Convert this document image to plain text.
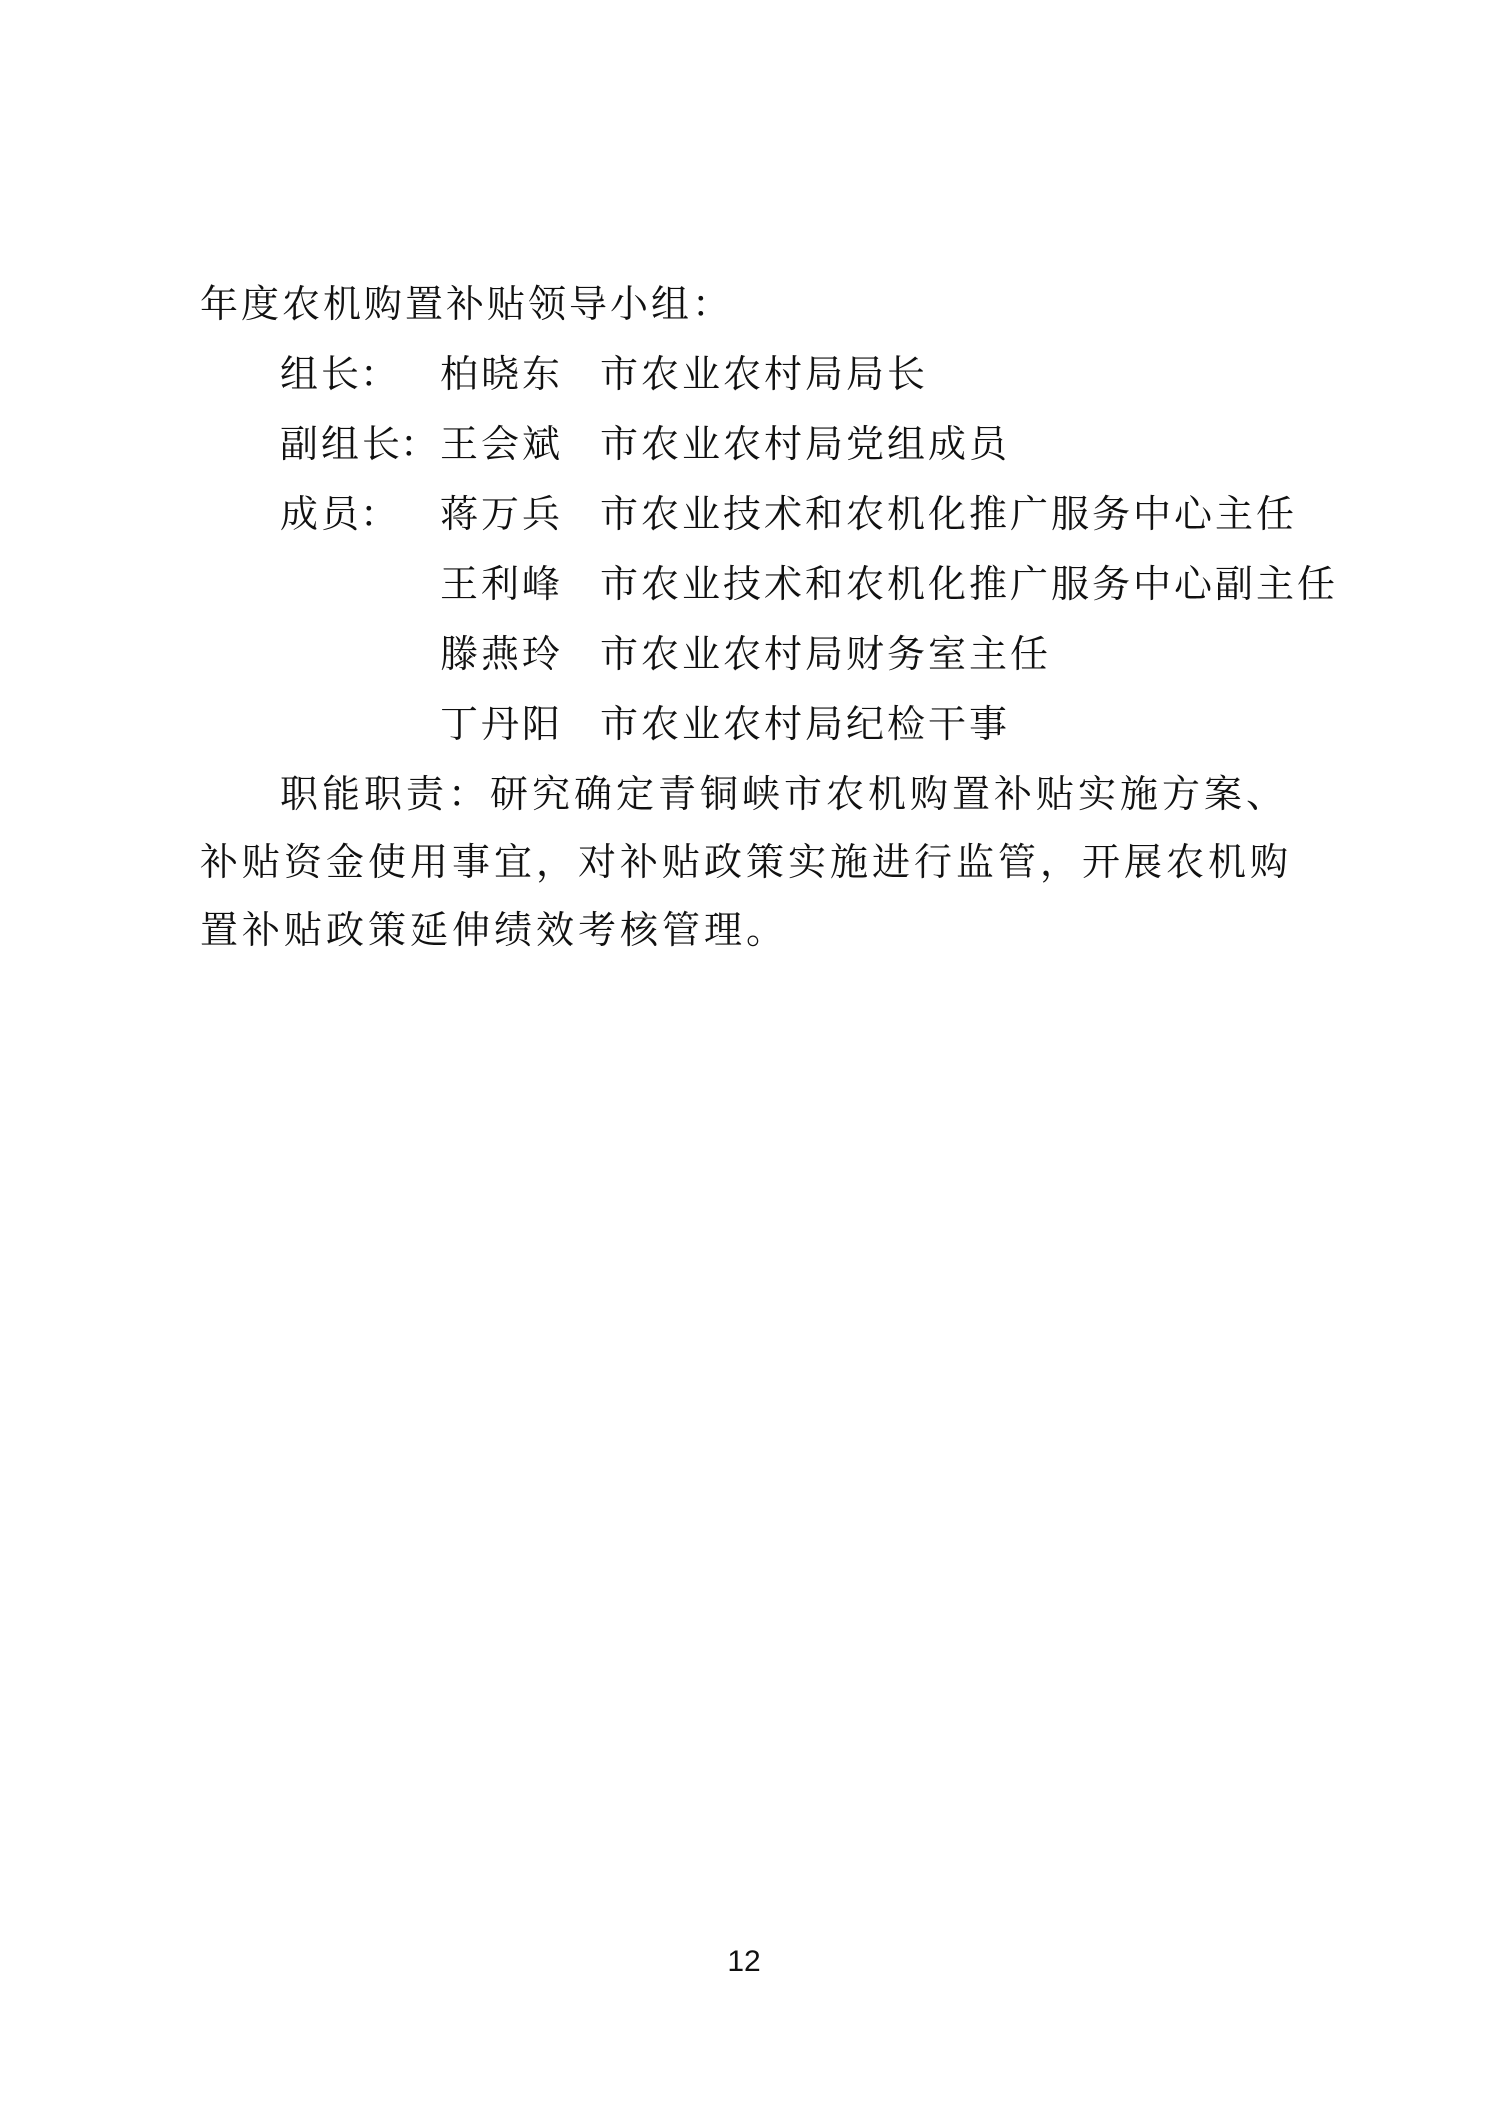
年度农机购置补贴领导小组：
组 长
： 柏晓东 市农业农村局局长
副组长
：
王会斌 市农业农村局党组成员
成 员
： 蒋万兵 市农业技术和农机化推广服务中心主任
王利峰 市农业技术和农机化推广服务中心副主任
滕燕玲 市农业农村局财务室主任
丁丹阳 市农业农村局纪检干事
职能职责：研究确定青铜峡市农机购置补贴实施方案、补贴资金使用事宜，对补贴政策实施进行监管，开展农机购置补贴政策延伸绩效考核管理。
12
